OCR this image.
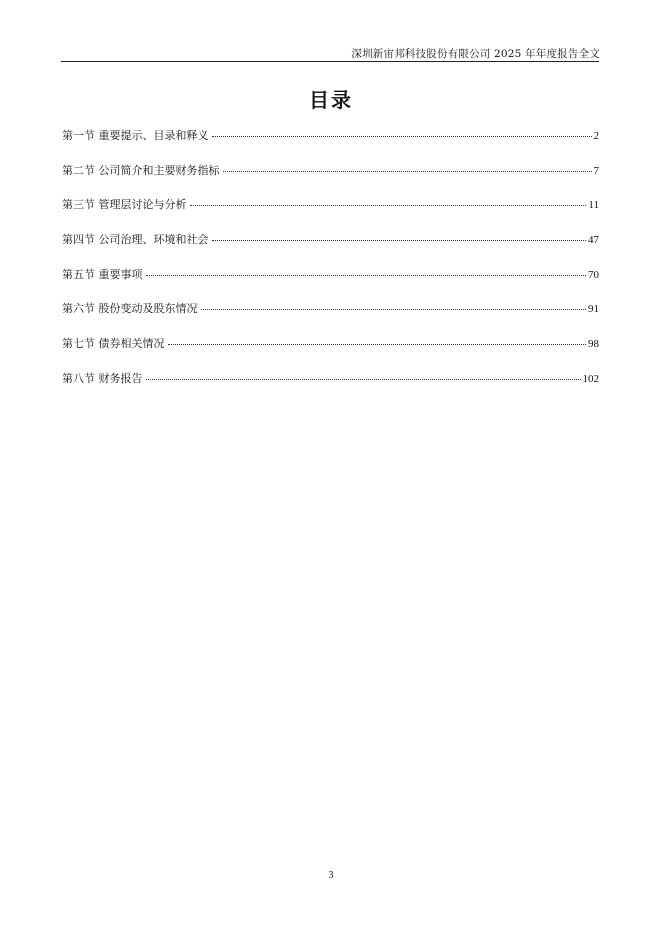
深圳新宙邦科技股份有限公司 2025 年年度报告全文
目录
第一节 重要提示、目录和释义	2
第二节 公司简介和主要财务指标	7
第三节 管理层讨论与分析	11
第四节 公司治理、环境和社会	47
第五节 重要事项	70
第六节 股份变动及股东情况	91
第七节 债券相关情况	98
第八节 财务报告	102
3
